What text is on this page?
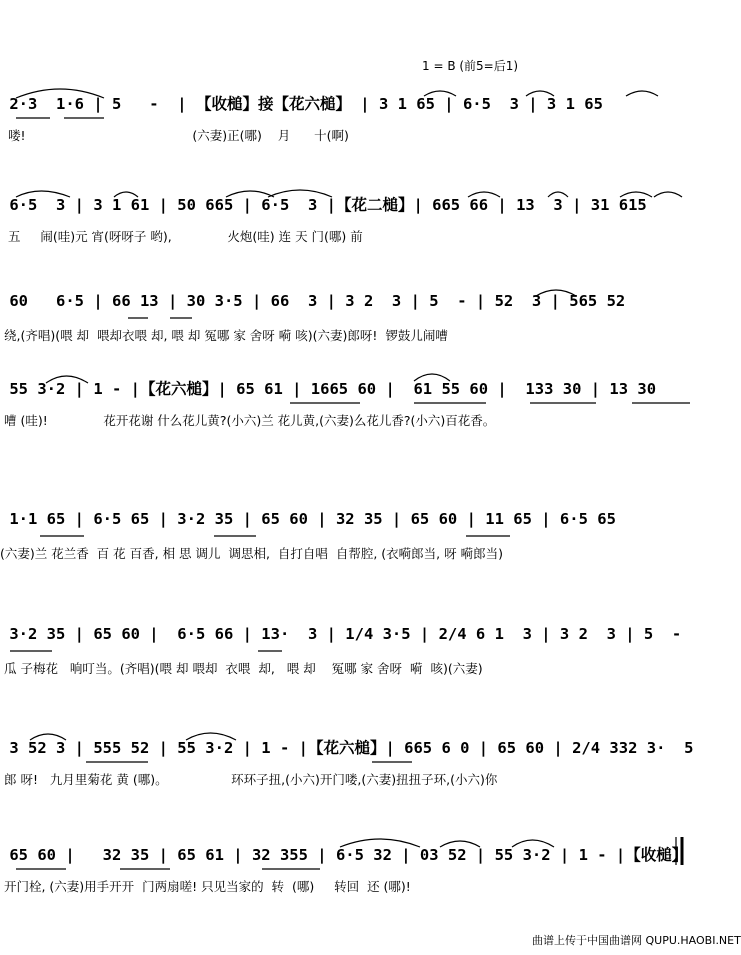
1 = B (前5=后1)
2·3  1·6 | 5   -  | 【收槌】接【花六槌】 | 3 1 65 | 6·5  3 | 3 1 65
喽!                                          (六妻)正(哪)    月      十(啊)
6·5  3 | 3 1 61 | 50 665 | 6·5  3 |【花二槌】| 665 66 | 13  3 | 31 615
五     闹(哇)元 宵(呀呀子 哟),              火炮(哇) 连 天 门(哪) 前
60   6·5 | 66 13 | 30 3·5 | 66  3 | 3 2  3 | 5  - | 52  3 | 565 52
绕,(齐唱)(喂 却  喂却衣喂 却, 喂 却 冤哪 家 舍呀 嗬 咳)(六妻)郎呀!  锣鼓儿闹嘈
55 3·2 | 1 - |【花六槌】| 65 61 | 1665 60 |  61 55 60 |  133 30 | 13 30
嘈 (哇)!              花开花谢 什么花儿黄?(小六)兰 花儿黄,(六妻)么花儿香?(小六)百花香。
1·1 65 | 6·5 65 | 3·2 35 | 65 60 | 32 35 | 65 60 | 11 65 | 6·5 65
(六妻)兰 花兰香  百 花 百香, 相 思 调儿  调思相,  自打自唱  自帮腔, (衣嗬郎当, 呀 嗬郎当)
3·2 35 | 65 60 |  6·5 66 | 13·  3 | 1/4 3·5 | 2/4 6 1  3 | 3 2  3 | 5  -
瓜 子梅花   响叮当。(齐唱)(喂 却 喂却  衣喂  却,   喂 却    冤哪 家 舍呀  嗬  咳)(六妻)
3 52 3 | 555 52 | 55 3·2 | 1 - |【花六槌】| 665 6 0 | 65 60 | 2/4 332 3·  5
郎 呀!   九月里菊花 黄 (哪)。                环环子扭,(小六)开门喽,(六妻)扭扭子环,(小六)你
65 60 |   32 35 | 65 61 | 32 355 | 6·5 32 | 03 52 | 55 3·2 | 1 - |【收槌】
开门栓, (六妻)用手开开  门两扇嗟! 只见当家的  转  (哪)     转回  还 (哪)!
曲谱上传于中国曲谱网 QUPU.HAOBI.NET
